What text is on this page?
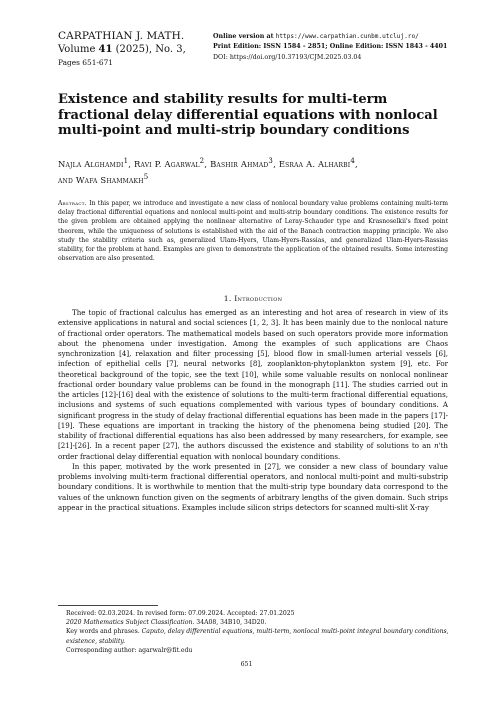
CARPATHIAN J. MATH.
Volume 41 (2025), No. 3,
Pages 651-671
Online version at https://www.carpathian.cunbm.utcluj.ro/
Print Edition: ISSN 1584 - 2851; Online Edition: ISSN 1843 - 4401
DOI: https://doi.org/10.37193/CJM.2025.03.04
Existence and stability results for multi-term fractional delay differential equations with nonlocal multi-point and multi-strip boundary conditions
Najla Alghamdi$^1$, Ravi P. Agarwal$^2$, Bashir Ahmad$^3$, Esraa A. Alharbi$^4$,
and Wafa Shammakh$^5$
Abstract. In this paper, we introduce and investigate a new class of nonlocal boundary value problems containing multi-term delay fractional differential equations and nonlocal multi-point and multi-strip boundary conditions. The existence results for the given problem are obtained applying the nonlinear alternative of Leray-Schauder type and Krasnoselkii's fixed point theorem, while the uniqueness of solutions is established with the aid of the Banach contraction mapping principle. We also study the stability criteria such as, generalized Ulam-Hyers, Ulam-Hyers-Rassias, and generalized Ulam-Hyers-Rassias stability, for the problem at hand. Examples are given to demonstrate the application of the obtained results. Some interesting observation are also presented.
1. Introduction

The topic of fractional calculus has emerged as an interesting and hot area of research in view of its extensive applications in natural and social sciences [1, 2, 3]. It has been mainly due to the nonlocal nature of fractional order operators. The mathematical models based on such operators provide more information about the phenomena under investigation. Among the examples of such applications are Chaos synchronization [4], relaxation and filter processing [5], blood flow in small-lumen arterial vessels [6], infection of epithelial cells [7], neural networks [8], zooplankton-phytoplankton system [9], etc. For theoretical background of the topic, see the text [10], while some valuable results on nonlocal nonlinear fractional order boundary value problems can be found in the monograph [11]. The studies carried out in the articles [12]-[16] deal with the existence of solutions to the multi-term fractional differential equations, inclusions and systems of such equations complemented with various types of boundary conditions. A significant progress in the study of delay fractional differential equations has been made in the papers [17]-[19]. These equations are important in tracking the history of the phenomena being studied [20]. The stability of fractional differential equations has also been addressed by many researchers, for example, see [21]-[26]. In a recent paper [27], the authors discussed the existence and stability of solutions to an n'th order fractional delay differential equation with nonlocal boundary conditions.

In this paper, motivated by the work presented in [27], we consider a new class of boundary value problems involving multi-term fractional differential operators, and nonlocal multi-point and multi-substrip boundary conditions. It is worthwhile to mention that the multi-strip type boundary data correspond to the values of the unknown function given on the segments of arbitrary lengths of the given domain. Such strips appear in the practical situations. Examples include silicon strips detectors for scanned multi-slit X-ray

Received: 02.03.2024. In revised form: 07.09.2024. Accepted: 27.01.2025
2020 Mathematics Subject Classification. 34A08, 34B10, 34D20.
Key words and phrases. Caputo, delay differential equations, multi-term, nonlocal multi-point integral boundary conditions, existence, stability.
Corresponding author: agarwalr@fit.edu
651
